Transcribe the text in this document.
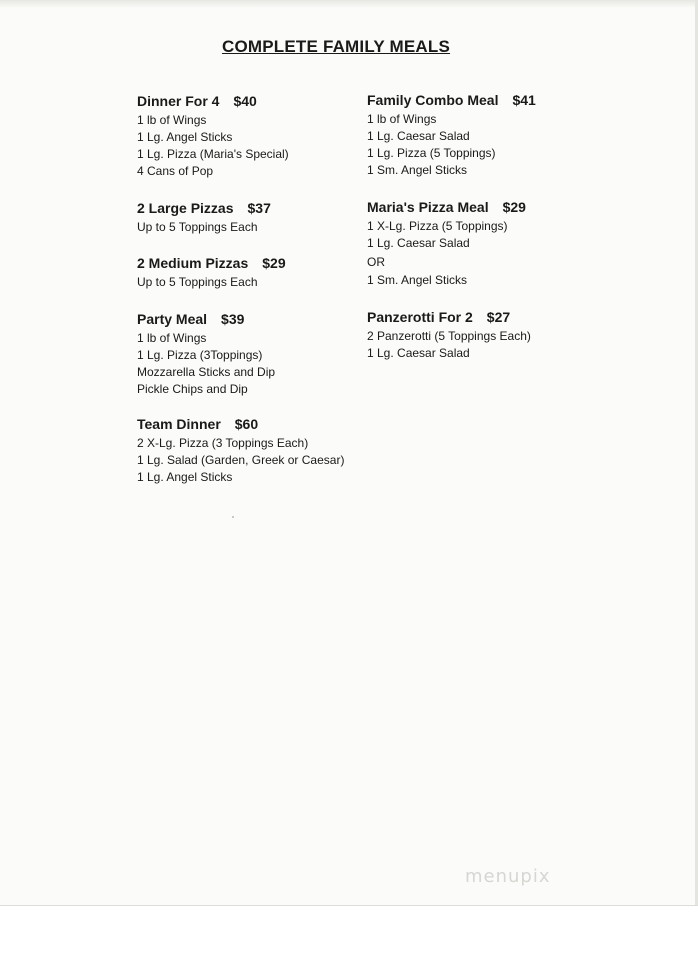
COMPLETE FAMILY MEALS
Dinner For 4 $40
1 lb of Wings
1 Lg. Angel Sticks
1 Lg. Pizza (Maria's Special)
4 Cans of Pop
2 Large Pizzas $37
Up to 5 Toppings Each
2 Medium Pizzas $29
Up to 5 Toppings Each
Party Meal $39
1 lb of Wings
1 Lg. Pizza (3Toppings)
Mozzarella Sticks and Dip
Pickle Chips and Dip
Team Dinner $60
2 X-Lg. Pizza (3 Toppings Each)
1 Lg. Salad (Garden, Greek or Caesar)
1 Lg. Angel Sticks
Family Combo Meal $41
1 lb of Wings
1 Lg. Caesar Salad
1 Lg. Pizza (5 Toppings)
1 Sm. Angel Sticks
Maria's Pizza Meal $29
1 X-Lg. Pizza (5 Toppings)
1 Lg. Caesar Salad
OR
1 Sm. Angel Sticks
Panzerotti For 2 $27
2 Panzerotti (5 Toppings Each)
1 Lg. Caesar Salad
menupix
